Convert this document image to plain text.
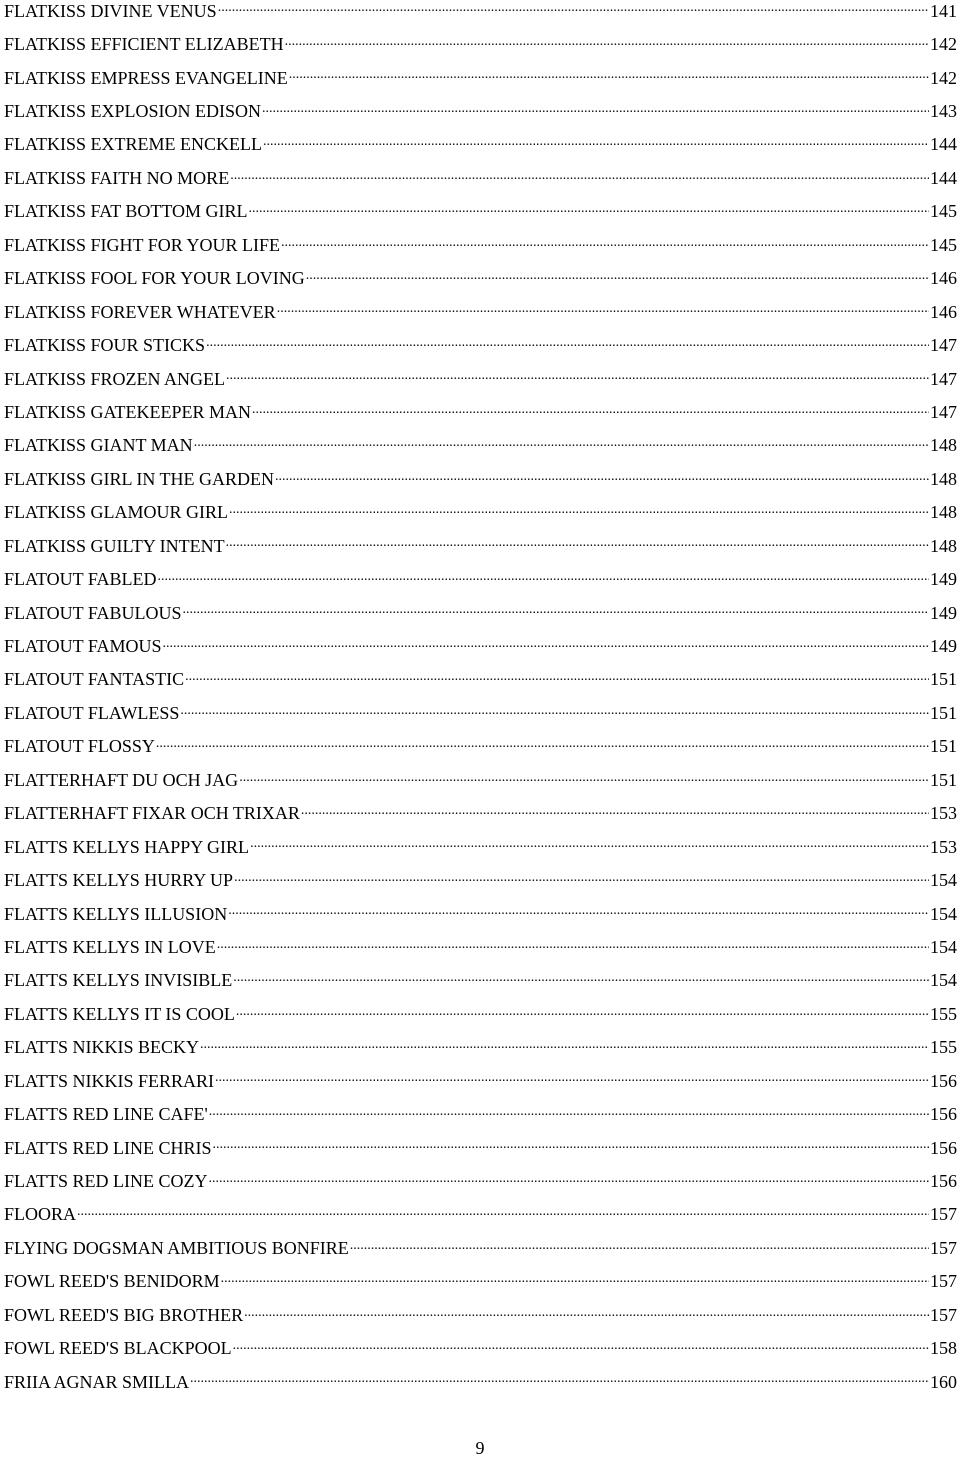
FLATKISS DIVINE VENUS .....	141
FLATKISS EFFICIENT ELIZABETH .....	142
FLATKISS EMPRESS EVANGELINE .....	142
FLATKISS EXPLOSION EDISON .....	143
FLATKISS EXTREME ENCKELL .....	144
FLATKISS FAITH NO MORE .....	144
FLATKISS FAT BOTTOM GIRL .....	145
FLATKISS FIGHT FOR YOUR LIFE .....	145
FLATKISS FOOL FOR YOUR LOVING .....	146
FLATKISS FOREVER WHATEVER .....	146
FLATKISS FOUR STICKS .....	147
FLATKISS FROZEN ANGEL .....	147
FLATKISS GATEKEEPER MAN .....	147
FLATKISS GIANT MAN .....	148
FLATKISS GIRL IN THE GARDEN .....	148
FLATKISS GLAMOUR GIRL .....	148
FLATKISS GUILTY INTENT .....	148
FLATOUT FABLED .....	149
FLATOUT FABULOUS .....	149
FLATOUT FAMOUS .....	149
FLATOUT FANTASTIC .....	151
FLATOUT FLAWLESS .....	151
FLATOUT FLOSSY .....	151
FLATTERHAFT DU OCH JAG .....	151
FLATTERHAFT FIXAR OCH TRIXAR .....	153
FLATTS KELLYS HAPPY GIRL .....	153
FLATTS KELLYS HURRY UP .....	154
FLATTS KELLYS ILLUSION .....	154
FLATTS KELLYS IN LOVE .....	154
FLATTS KELLYS INVISIBLE .....	154
FLATTS KELLYS IT IS COOL .....	155
FLATTS NIKKIS BECKY .....	155
FLATTS NIKKIS FERRARI .....	156
FLATTS RED LINE CAFE' .....	156
FLATTS RED LINE CHRIS .....	156
FLATTS RED LINE COZY .....	156
FLOORA .....	157
FLYING DOGSMAN AMBITIOUS BONFIRE .....	157
FOWL REED'S BENIDORM .....	157
FOWL REED'S BIG BROTHER .....	157
FOWL REED'S BLACKPOOL .....	158
FRIIA AGNAR SMILLA .....	160
9
